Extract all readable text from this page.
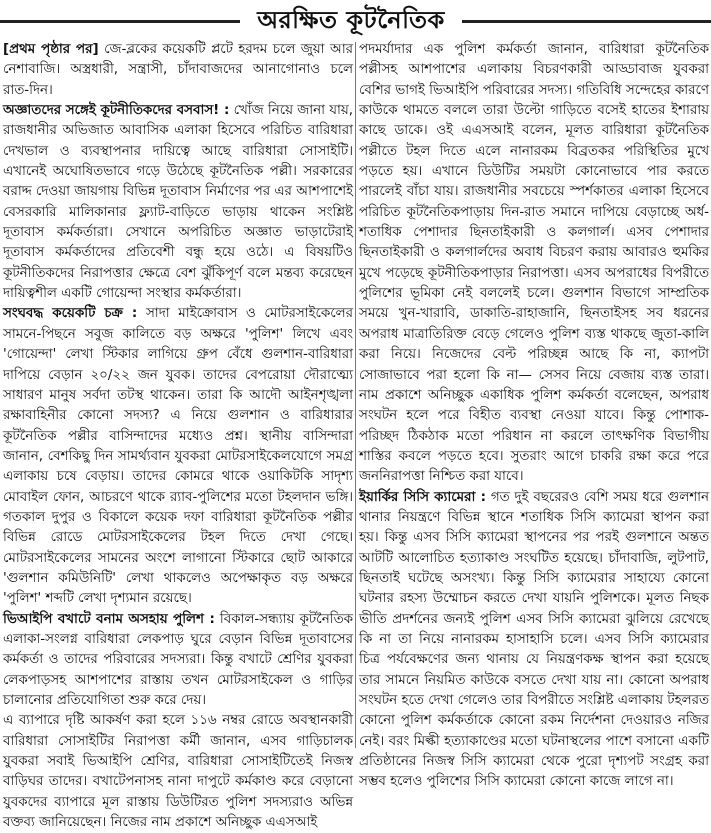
অরক্ষিত কূটনৈতিক

[প্রথম পৃষ্ঠার পর] জে-ব্লকের কয়েকটি প্লটে হরদম চলে জুয়া আর নেশাবাজি। অস্ত্রধারী, সন্ত্রাসী, চাঁদাবাজদের আনাগোনাও চলে রাত-দিন।

অজ্ঞাতদের সঙ্গেই কূটনীতিকদের বসবাস! : খোঁজ নিয়ে জানা যায়, রাজধানীর অভিজাত আবাসিক এলাকা হিসেবে পরিচিত বারিধারা দেখভাল ও ব্যবস্থাপনার দায়িত্বে আছে বারিধারা সোসাইটি। এখানেই অঘোষিতভাবে গড়ে উঠেছে কূটনৈতিক পল্লী। সরকারের বরাদ্দ দেওয়া জায়গায় বিভিন্ন দূতাবাস নির্মাণের পর এর আশপাশেই বেসরকারি মালিকানার ফ্ল্যাট-বাড়িতে ভাড়ায় থাকেন সংশ্লিষ্ট দূতাবাস কর্মকর্তারা। সেখানে অপরিচিত অজ্ঞাত ভাড়াটেরাই দূতাবাস কর্মকর্তাদের প্রতিবেশী বন্ধু হয়ে ওঠে। এ বিষয়টিও কূটনীতিকদের নিরাপত্তার ক্ষেত্রে বেশ ঝুঁকিপূর্ণ বলে মন্তব্য করেছেন দায়িত্বশীল একটি গোয়েন্দা সংস্থার কর্মকর্তারা।

সংঘবদ্ধ কয়েকটি চক্র : সাদা মাইক্রোবাস ও মোটরসাইকেলের সামনে-পিছনে সবুজ কালিতে বড় অক্ষরে 'পুলিশ' লিখে এবং 'গোয়েন্দা' লেখা স্টিকার লাগিয়ে গ্রুপ বেঁধে গুলশান-বারিধারা দাপিয়ে বেড়ান ২০/২২ জন যুবক। তাদের বেপরোয়া দৌরাত্ম্যে সাধারণ মানুষ সর্বদা তটস্থ থাকেন। তারা কি আদৌ আইনশৃঙ্খলা রক্ষাবাহিনীর কোনো সদস্য? এ নিয়ে গুলশান ও বারিধারার কূটনৈতিক পল্লীর বাসিন্দাদের মধ্যেও প্রশ্ন। স্থানীয় বাসিন্দারা জানান, বেশকিছু দিন সামর্থ্যবান যুবকরা মোটরসাইকেলযোগে সমগ্র এলাকায় চষে বেড়ায়। তাদের কোমরে থাকে ওয়াকিটকি সাদৃশ্য মোবাইল ফোন, আচরণে থাকে র‌্যাব-পুলিশের মতো টহলদান ভঙ্গি। গতকাল দুপুর ও বিকালে কয়েক দফা বারিধারা কূটনৈতিক পল্লীর বিভিন্ন রোডে মোটরসাইকেলের টহল দিতে দেখা গেছে। মোটরসাইকেলের সামনের অংশে লাগানো স্টিকারে ছোট আকারে 'গুলশান কমিউনিটি' লেখা থাকলেও অপেক্ষাকৃত বড় অক্ষরে 'পুলিশ' শব্দটি লেখা দৃশ্যমান রয়েছে।

ভিআইপি বখাটে বনাম অসহায় পুলিশ : বিকাল-সন্ধ্যায় কূটনৈতিক এলাকা-সংলগ্ন বারিধারা লেকপাড় ঘুরে বেড়ান বিভিন্ন দূতাবাসের কর্মকর্তা ও তাদের পরিবারের সদস্যরা। কিন্তু বখাটে শ্রেণির যুবকরা লেকপাড়সহ আশপাশের রাস্তায় তখন মোটরসাইকেল ও গাড়ির চালানোর প্রতিযোগিতা শুরু করে দেয়।

এ ব্যাপারে দৃষ্টি আকর্ষণ করা হলে ১১৬ নম্বর রোডে অবস্থানকারী বারিধারা সোসাইটির নিরাপত্তা কর্মী জানান, এসব গাড়িচালক যুবকরা সবাই ভিআইপি শ্রেণির, বারিধারা সোসাইটিতেই নিজস্ব বাড়িঘর তাদের। বখাটেপনাসহ নানা দাপুটে কর্মকাণ্ড করে বেড়ানো যুবকদের ব্যাপারে মূল রাস্তায় ডিউটিরত পুলিশ সদস্যরাও অভিন্ন বক্তব্য জানিয়েছেন। নিজের নাম প্রকাশে অনিচ্ছুক এএসআই

পদমর্যাদার এক পুলিশ কর্মকর্তা জানান, বারিধারা কূটনৈতিক পল্লীসহ আশপাশের এলাকায় বিচরণকারী আড্ডাবাজ যুবকরা বেশির ভাগই ভিআইপি পরিবারের সদস্য। গতিবিধি সন্দেহের কারণে কাউকে থামতে বললে তারা উল্টো গাড়িতে বসেই হাতের ইশারায় কাছে ডাকে। ওই এএসআই বলেন, মূলত বারিধারা কূটনৈতিক পল্লীতে টহল দিতে এলে নানারকম বিব্রতকর পরিস্থিতির মুখে পড়তে হয়। এখানে ডিউটির সময়টা কোনোভাবে পার করতে পারলেই বাঁচা যায়। রাজধানীর সবচেয়ে স্পর্শকাতর এলাকা হিসেবে পরিচিত কূটনৈতিকপাড়ায় দিন-রাত সমানে দাপিয়ে বেড়াচ্ছে অর্ধ-শতাধিক পেশাদার ছিনতাইকারী ও কলগার্ল। এসব পেশাদার ছিনতাইকারী ও কলগার্লদের অবাধ বিচরণ করায় আবারও হুমকির মুখে পড়েছে কূটনীতিকপাড়ার নিরাপত্তা। এসব অপরাধের বিপরীতে পুলিশের ভূমিকা নেই বললেই চলে। গুলশান বিভাগে সাম্প্রতিক সময়ে খুন-খারাবি, ডাকাতি-রাহাজানি, ছিনতাইসহ সব ধরনের অপরাধ মাত্রাতিরিক্ত বেড়ে গেলেও পুলিশ ব্যস্ত থাকছে জুতা-কালি করা নিয়ে। নিজেদের বেল্ট পরিচ্ছন্ন আছে কি না, ক্যাপটা সোজাভাবে পরা হলো কি না— সেসব নিয়ে বেজায় ব্যস্ত তারা। নাম প্রকাশে অনিচ্ছুক একাধিক পুলিশ কর্মকর্তা বলেছেন, অপরাধ সংঘটন হলে পরে বিহীত ব্যবস্থা নেওয়া যাবে। কিন্তু পোশাক-পরিচ্ছদ ঠিকঠাক মতো পরিধান না করলে তাৎক্ষণিক বিভাগীয় শাস্তির কবলে পড়তে হবে। সুতরাং আগে চাকরি রক্ষা করে পরে জননিরাপত্তা নিশ্চিত করা যাবে।

ইয়ার্কির সিসি ক্যামেরা : গত দুই বছরেরও বেশি সময় ধরে গুলশান থানার নিয়ন্ত্রণে বিভিন্ন স্থানে শতাধিক সিসি ক্যামেরা স্থাপন করা হয়। কিন্তু এসব সিসি ক্যামেরা স্থাপনের পর পরই গুলশানে অন্তত আটটি আলোচিত হত্যাকাণ্ড সংঘটিত হয়েছে। চাঁদাবাজি, লুটপাট, ছিনতাই ঘটেছে অসংখ্য। কিন্তু সিসি ক্যামেরার সাহায্যে কোনো ঘটনার রহস্য উম্মোচন করতে দেখা যায়নি পুলিশকে। মূলত নিছক ভীতি প্রদর্শনের জন্যই পুলিশ এসব সিসি ক্যামেরা ঝুলিয়ে রেখেছে কি না তা নিয়ে নানারকম হাসাহাসি চলে। এসব সিসি ক্যামেরার চিত্র পর্যবেক্ষণের জন্য থানায় যে নিয়ন্ত্রণকক্ষ স্থাপন করা হয়েছে তার সামনে নিয়মিত কাউকে বসতে দেখা যায় না। কোনো অপরাধ সংঘটন হতে দেখা গেলেও তার বিপরীতে সংশ্লিষ্ট এলাকায় টহলরত কোনো পুলিশ কর্মকর্তাকে কোনো রকম নির্দেশনা দেওয়ারও নজির নেই। বরং মিল্কী হত্যাকাণ্ডের মতো ঘটনাস্থলের পাশে বসানো একটি প্রতিষ্ঠানের নিজস্ব সিসি ক্যামেরা থেকে পুরো দৃশ্যপট সংগ্রহ করা সম্ভব হলেও পুলিশের সিসি ক্যামেরা কোনো কাজে লাগে না।
